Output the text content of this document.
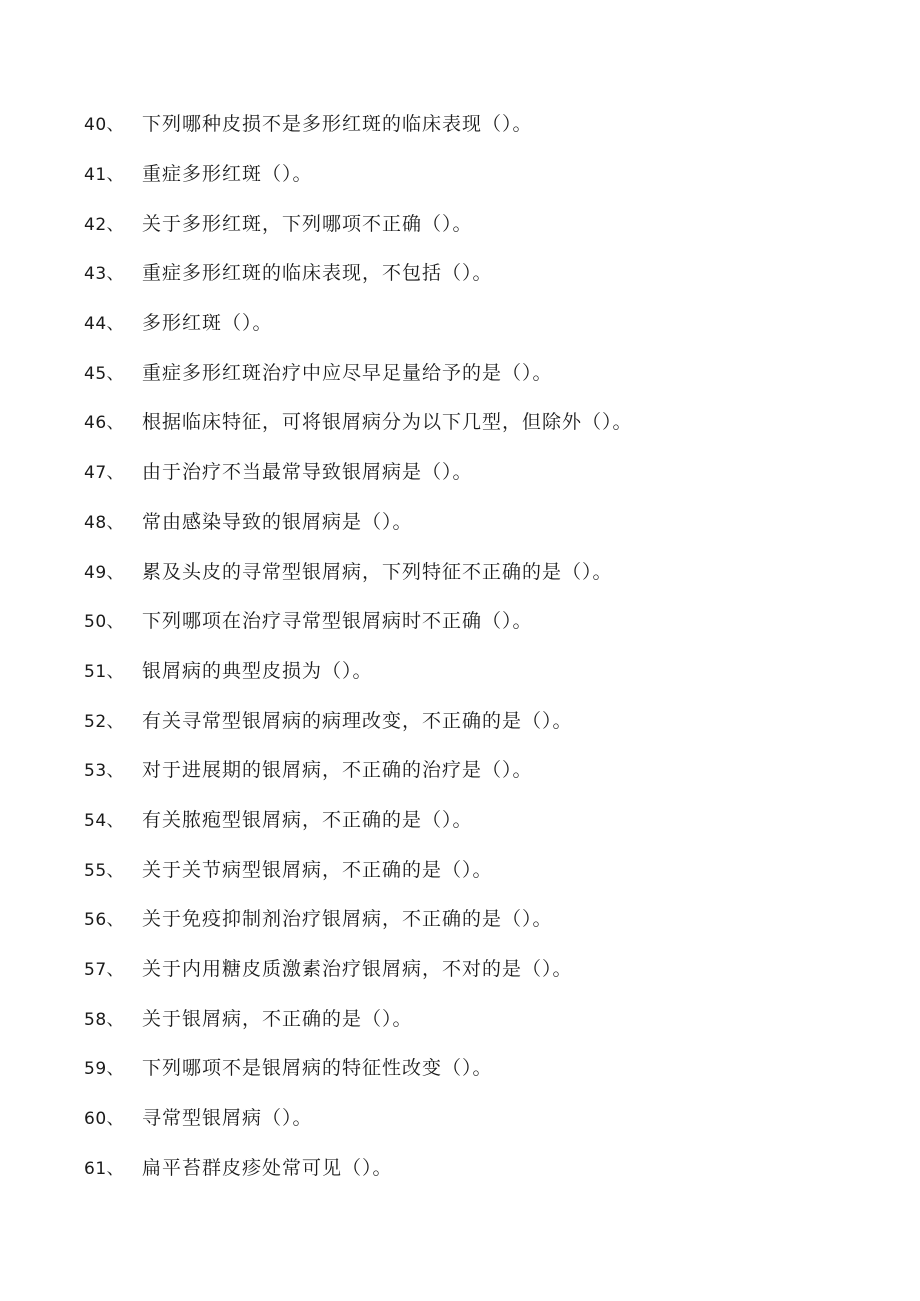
40、 下列哪种皮损不是多形红斑的临床表现（）。
41、 重症多形红斑（）。
42、 关于多形红斑，下列哪项不正确（）。
43、 重症多形红斑的临床表现，不包括（）。
44、 多形红斑（）。
45、 重症多形红斑治疗中应尽早足量给予的是（）。
46、 根据临床特征，可将银屑病分为以下几型，但除外（）。
47、 由于治疗不当最常导致银屑病是（）。
48、 常由感染导致的银屑病是（）。
49、 累及头皮的寻常型银屑病，下列特征不正确的是（）。
50、 下列哪项在治疗寻常型银屑病时不正确（）。
51、 银屑病的典型皮损为（）。
52、 有关寻常型银屑病的病理改变，不正确的是（）。
53、 对于进展期的银屑病，不正确的治疗是（）。
54、 有关脓疱型银屑病，不正确的是（）。
55、 关于关节病型银屑病，不正确的是（）。
56、 关于免疫抑制剂治疗银屑病，不正确的是（）。
57、 关于内用糖皮质激素治疗银屑病，不对的是（）。
58、 关于银屑病，不正确的是（）。
59、 下列哪项不是银屑病的特征性改变（）。
60、 寻常型银屑病（）。
61、 扁平苔群皮疹处常可见（）。
